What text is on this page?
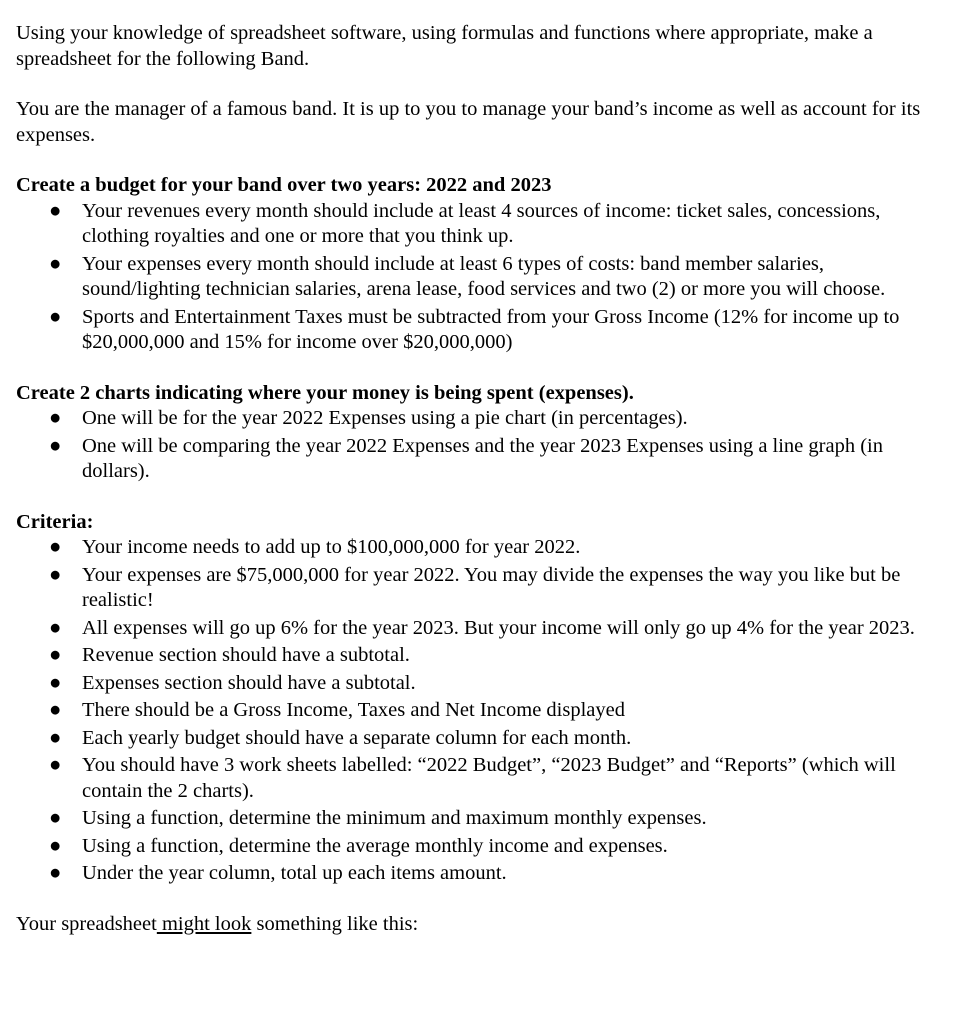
Using your knowledge of spreadsheet software, using formulas and functions where appropriate, make a spreadsheet for the following Band.

You are the manager of a famous band. It is up to you to manage your band’s income as well as account for its expenses.

Create a budget for your band over two years: 2022 and 2023

● Your revenues every month should include at least 4 sources of income: ticket sales, concessions, clothing royalties and one or more that you think up.
● Your expenses every month should include at least 6 types of costs: band member salaries, sound/lighting technician salaries, arena lease, food services and two (2) or more you will choose.
● Sports and Entertainment Taxes must be subtracted from your Gross Income (12% for income up to $20,000,000 and 15% for income over $20,000,000)

Create 2 charts indicating where your money is being spent (expenses).

● One will be for the year 2022 Expenses using a pie chart (in percentages).
● One will be comparing the year 2022 Expenses and the year 2023 Expenses using a line graph (in dollars).

Criteria:

● Your income needs to add up to $100,000,000 for year 2022.
● Your expenses are $75,000,000 for year 2022. You may divide the expenses the way you like but be realistic!
● All expenses will go up 6% for the year 2023. But your income will only go up 4% for the year 2023.
● Revenue section should have a subtotal.
● Expenses section should have a subtotal.
● There should be a Gross Income, Taxes and Net Income displayed
● Each yearly budget should have a separate column for each month.
● You should have 3 work sheets labelled: “2022 Budget”, “2023 Budget” and “Reports” (which will contain the 2 charts).
● Using a function, determine the minimum and maximum monthly expenses.
● Using a function, determine the average monthly income and expenses.
● Under the year column, total up each items amount.

Your spreadsheet might look something like this:
